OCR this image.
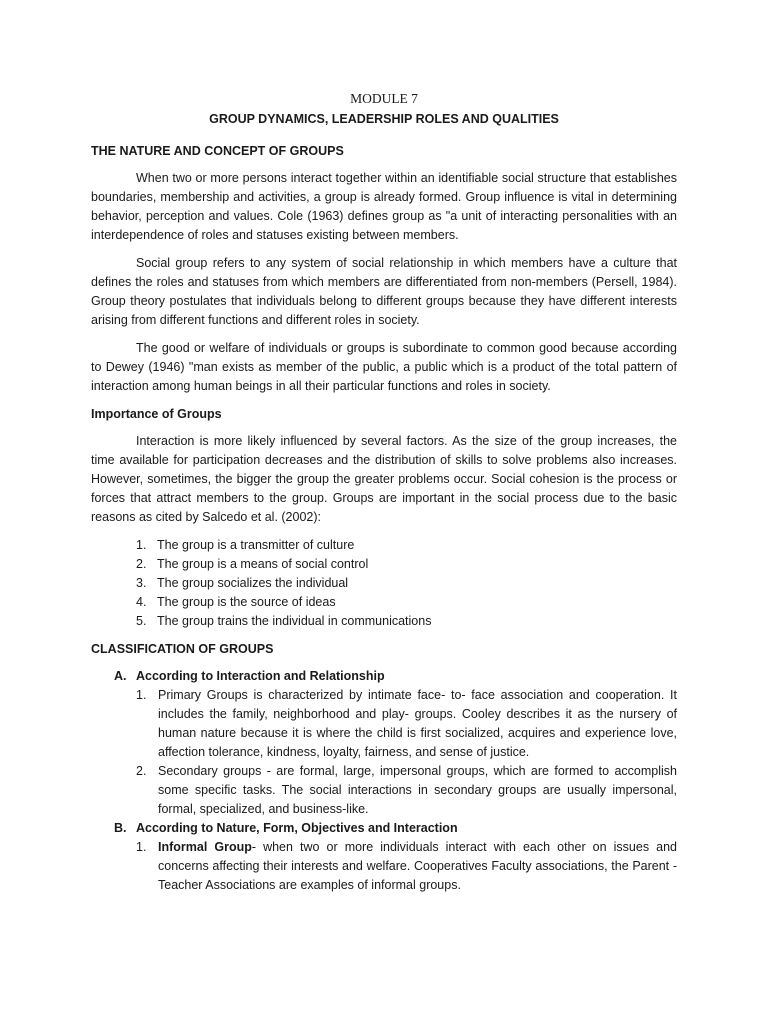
MODULE 7
GROUP DYNAMICS, LEADERSHIP ROLES AND QUALITIES
THE NATURE AND CONCEPT OF GROUPS

When two or more persons interact together within an identifiable social structure that establishes boundaries, membership and activities, a group is already formed. Group influence is vital in determining behavior, perception and values. Cole (1963) defines group as "a unit of interacting personalities with an interdependence of roles and statuses existing between members.

Social group refers to any system of social relationship in which members have a culture that defines the roles and statuses from which members are differentiated from non-members (Persell, 1984). Group theory postulates that individuals belong to different groups because they have different interests arising from different functions and different roles in society.

The good or welfare of individuals or groups is subordinate to common good because according to Dewey (1946) "man exists as member of the public, a public which is a product of the total pattern of interaction among human beings in all their particular functions and roles in society.

Importance of Groups

Interaction is more likely influenced by several factors. As the size of the group increases, the time available for participation decreases and the distribution of skills to solve problems also increases. However, sometimes, the bigger the group the greater problems occur. Social cohesion is the process or forces that attract members to the group. Groups are important in the social process due to the basic reasons as cited by Salcedo et al. (2002):

1. The group is a transmitter of culture
2. The group is a means of social control
3. The group socializes the individual
4. The group is the source of ideas
5. The group trains the individual in communications
CLASSIFICATION OF GROUPS
A. According to Interaction and Relationship
1. Primary Groups is characterized by intimate face- to- face association and cooperation. It includes the family, neighborhood and play- groups. Cooley describes it as the nursery of human nature because it is where the child is first socialized, acquires and experience love, affection tolerance, kindness, loyalty, fairness, and sense of justice.
2. Secondary groups - are formal, large, impersonal groups, which are formed to accomplish some specific tasks. The social interactions in secondary groups are usually impersonal, formal, specialized, and business-like.
B. According to Nature, Form, Objectives and Interaction
1. Informal Group- when two or more individuals interact with each other on issues and concerns affecting their interests and welfare. Cooperatives Faculty associations, the Parent -Teacher Associations are examples of informal groups.
